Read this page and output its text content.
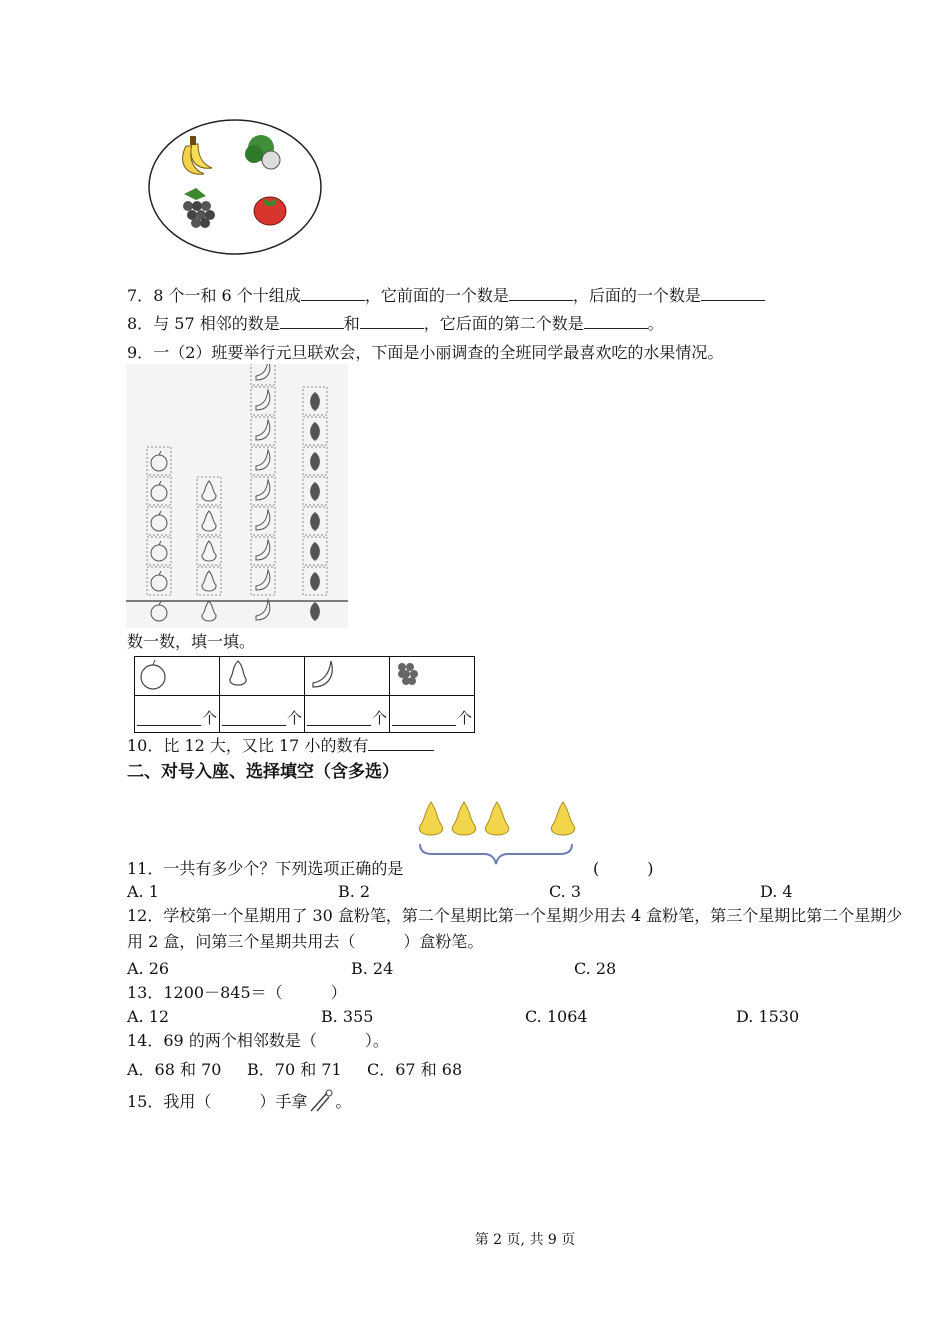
7．8 个一和 6 个十组成	，它前面的一个数是	，后面的一个数是
8．与 57 相邻的数是	和	，它后面的第二个数是	。
9．一（2）班要举行元旦联欢会，下面是小丽调查的全班同学最喜欢吃的水果情况。
数一数，填一填。

个	个	个	个
10．比 12 大，又比 17 小的数有
二、对号入座、选择填空（含多选）
11．一共有多少个？下列选项正确的是	(　　　)
A. 1	B. 2	C. 3	D. 4
12．学校第一个星期用了 30 盒粉笔，第二个星期比第一个星期少用去 4 盒粉笔，第三个星期比第二个星期少
用 2 盒，问第三个星期共用去（　　　）盒粉笔。
A. 26	B. 24	C. 28
13．1200－845＝（　　　）
A. 12	B. 355	C. 1064	D. 1530
14．69 的两个相邻数是（　　　）。
A．68 和 70 B．70 和 71 C．67 和 68
15．我用（　　　）手拿 。
第 2 页, 共 9 页
